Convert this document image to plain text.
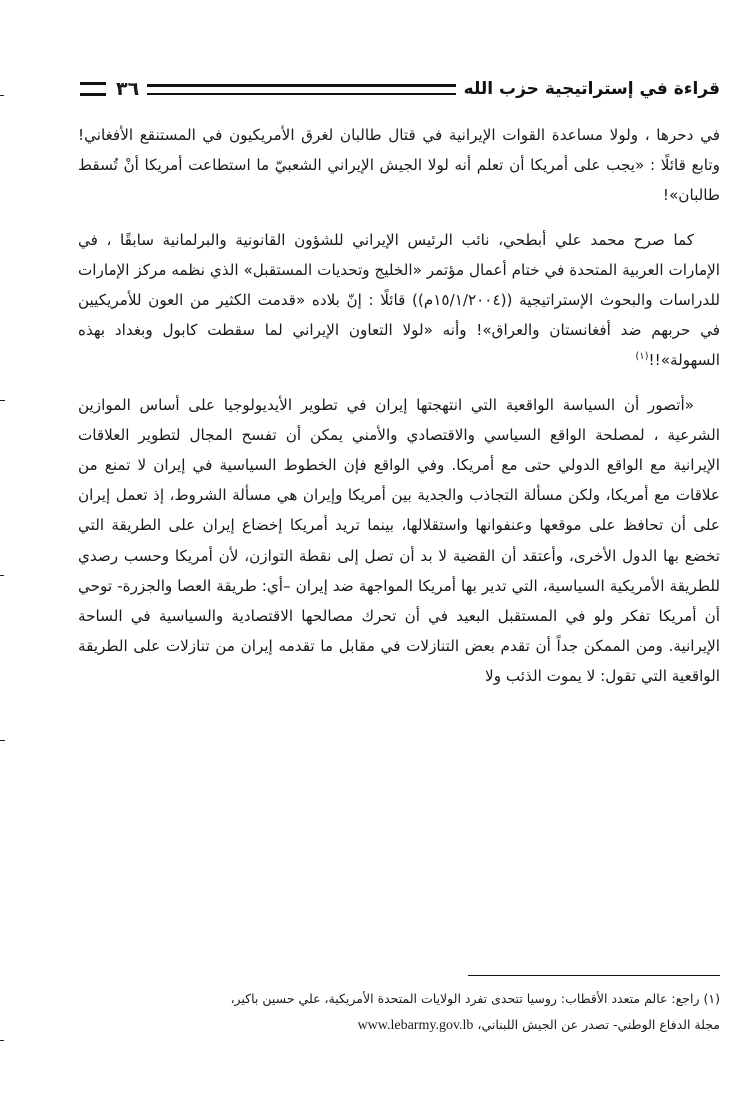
قراءة في إستراتيجية حزب الله
٣٦

في دحرها ، ولولا مساعدة القوات الإيرانية في قتال طالبان لغرق الأمريكيون في المستنقع الأفغاني! وتابع قائلًا : «يجب على أمريكا أن تعلم أنه لولا الجيش الإيراني الشعبيّ ما استطاعت أمريكا أنْ تُسقط طالبان»!

كما صرح محمد علي أبطحي، نائب الرئيس الإيراني للشؤون القانونية والبرلمانية سابقًا ، في الإمارات العربية المتحدة في ختام أعمال مؤتمر «الخليج وتحديات المستقبل» الذي نظمه مركز الإمارات للدراسات والبحوث الإستراتيجية ((١٥/١/٢٠٠٤م)) قائلًا : إنّ بلاده «قدمت الكثير من العون للأمريكيين في حربهم ضد أفغانستان والعراق»! وأنه «لولا التعاون الإيراني لما سقطت كابول وبغداد بهذه السهولة»!!$^{(١)}$

«أتصور أن السياسة الواقعية التي انتهجتها إيران في تطوير الأيديولوجيا على أساس الموازين الشرعية ، لمصلحة الواقع السياسي والاقتصادي والأمني يمكن أن تفسح المجال لتطوير العلاقات الإيرانية مع الواقع الدولي حتى مع أمريكا. وفي الواقع فإن الخطوط السياسية في إيران لا تمنع من علاقات مع أمريكا، ولكن مسألة التجاذب والجدية بين أمريكا وإيران هي مسألة الشروط، إذ تعمل إيران على أن تحافظ على موقعها وعنفوانها واستقلالها، بينما تريد أمريكا إخضاع إيران على الطريقة التي تخضع بها الدول الأخرى، وأعتقد أن القضية لا بد أن تصل إلى نقطة التوازن، لأن أمريكا وحسب رصدي للطريقة الأمريكية السياسية، التي تدير بها أمريكا المواجهة ضد إيران –أي: طريقة العصا والجزرة- توحي أن أمريكا تفكر ولو في المستقبل البعيد في أن تحرك مصالحها الاقتصادية والسياسية في الساحة الإيرانية. ومن الممكن جداً أن تقدم بعض التنازلات في مقابل ما تقدمه إيران من تنازلات على الطريقة الواقعية التي تقول: لا يموت الذئب ولا

(١) راجع: عالم متعدد الأقطاب: روسيا تتحدى تفرد الولايات المتحدة الأمريكية، علي حسين باكير،
مجلة الدفاع الوطني- تصدر عن الجيش اللبناني، www.lebarmy.gov.lb
